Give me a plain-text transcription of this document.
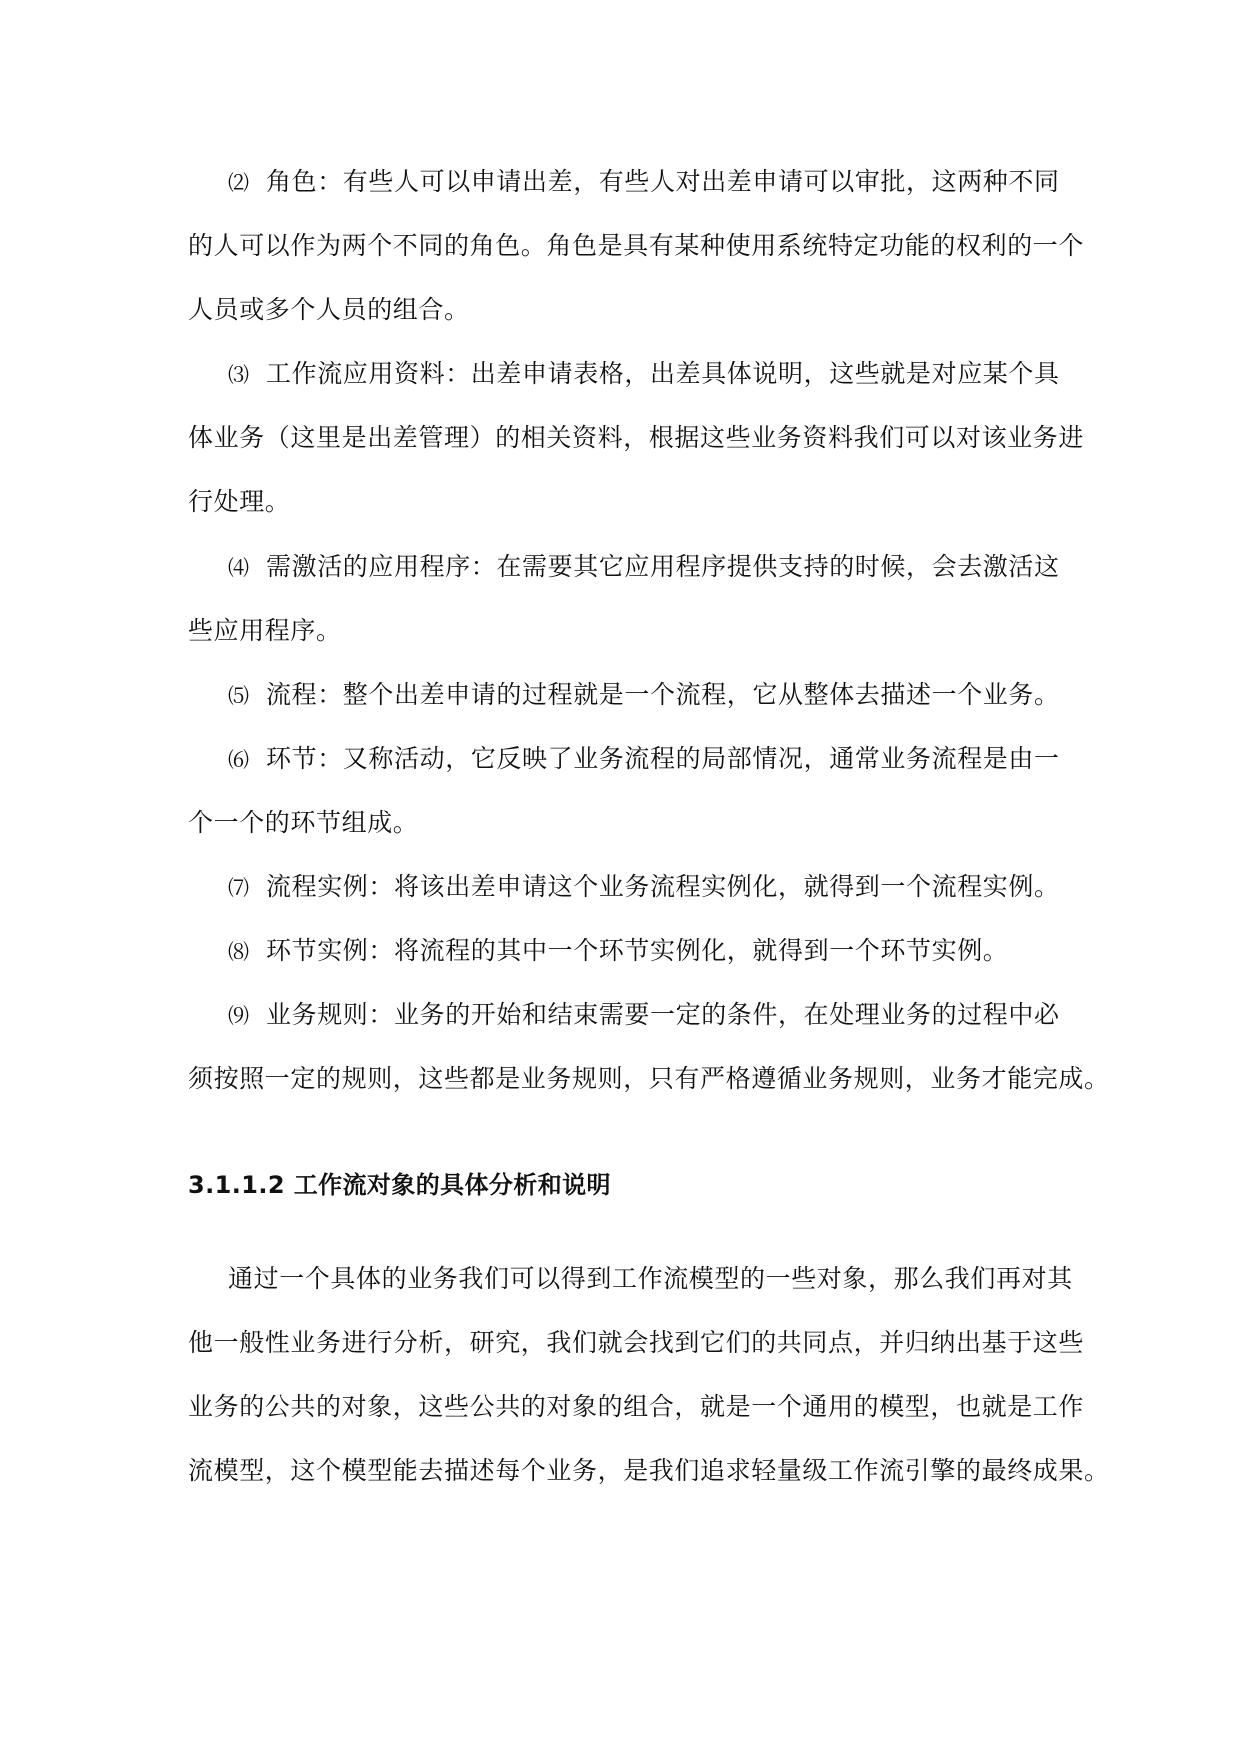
⑵ 角色：有些人可以申请出差，有些人对出差申请可以审批，这两种不同
的人可以作为两个不同的角色。角色是具有某种使用系统特定功能的权利的一个
人员或多个人员的组合。
⑶ 工作流应用资料：出差申请表格，出差具体说明，这些就是对应某个具
体业务（这里是出差管理）的相关资料，根据这些业务资料我们可以对该业务进
行处理。
⑷ 需激活的应用程序：在需要其它应用程序提供支持的时候，会去激活这
些应用程序。
⑸ 流程：整个出差申请的过程就是一个流程，它从整体去描述一个业务。
⑹ 环节：又称活动，它反映了业务流程的局部情况，通常业务流程是由一
个一个的环节组成。
⑺ 流程实例：将该出差申请这个业务流程实例化，就得到一个流程实例。
⑻ 环节实例：将流程的其中一个环节实例化，就得到一个环节实例。
⑼ 业务规则：业务的开始和结束需要一定的条件，在处理业务的过程中必
须按照一定的规则，这些都是业务规则，只有严格遵循业务规则，业务才能完成。
3.1.1.2 工作流对象的具体分析和说明
通过一个具体的业务我们可以得到工作流模型的一些对象，那么我们再对其
他一般性业务进行分析，研究，我们就会找到它们的共同点，并归纳出基于这些
业务的公共的对象，这些公共的对象的组合，就是一个通用的模型，也就是工作
流模型，这个模型能去描述每个业务，是我们追求轻量级工作流引擎的最终成果。
